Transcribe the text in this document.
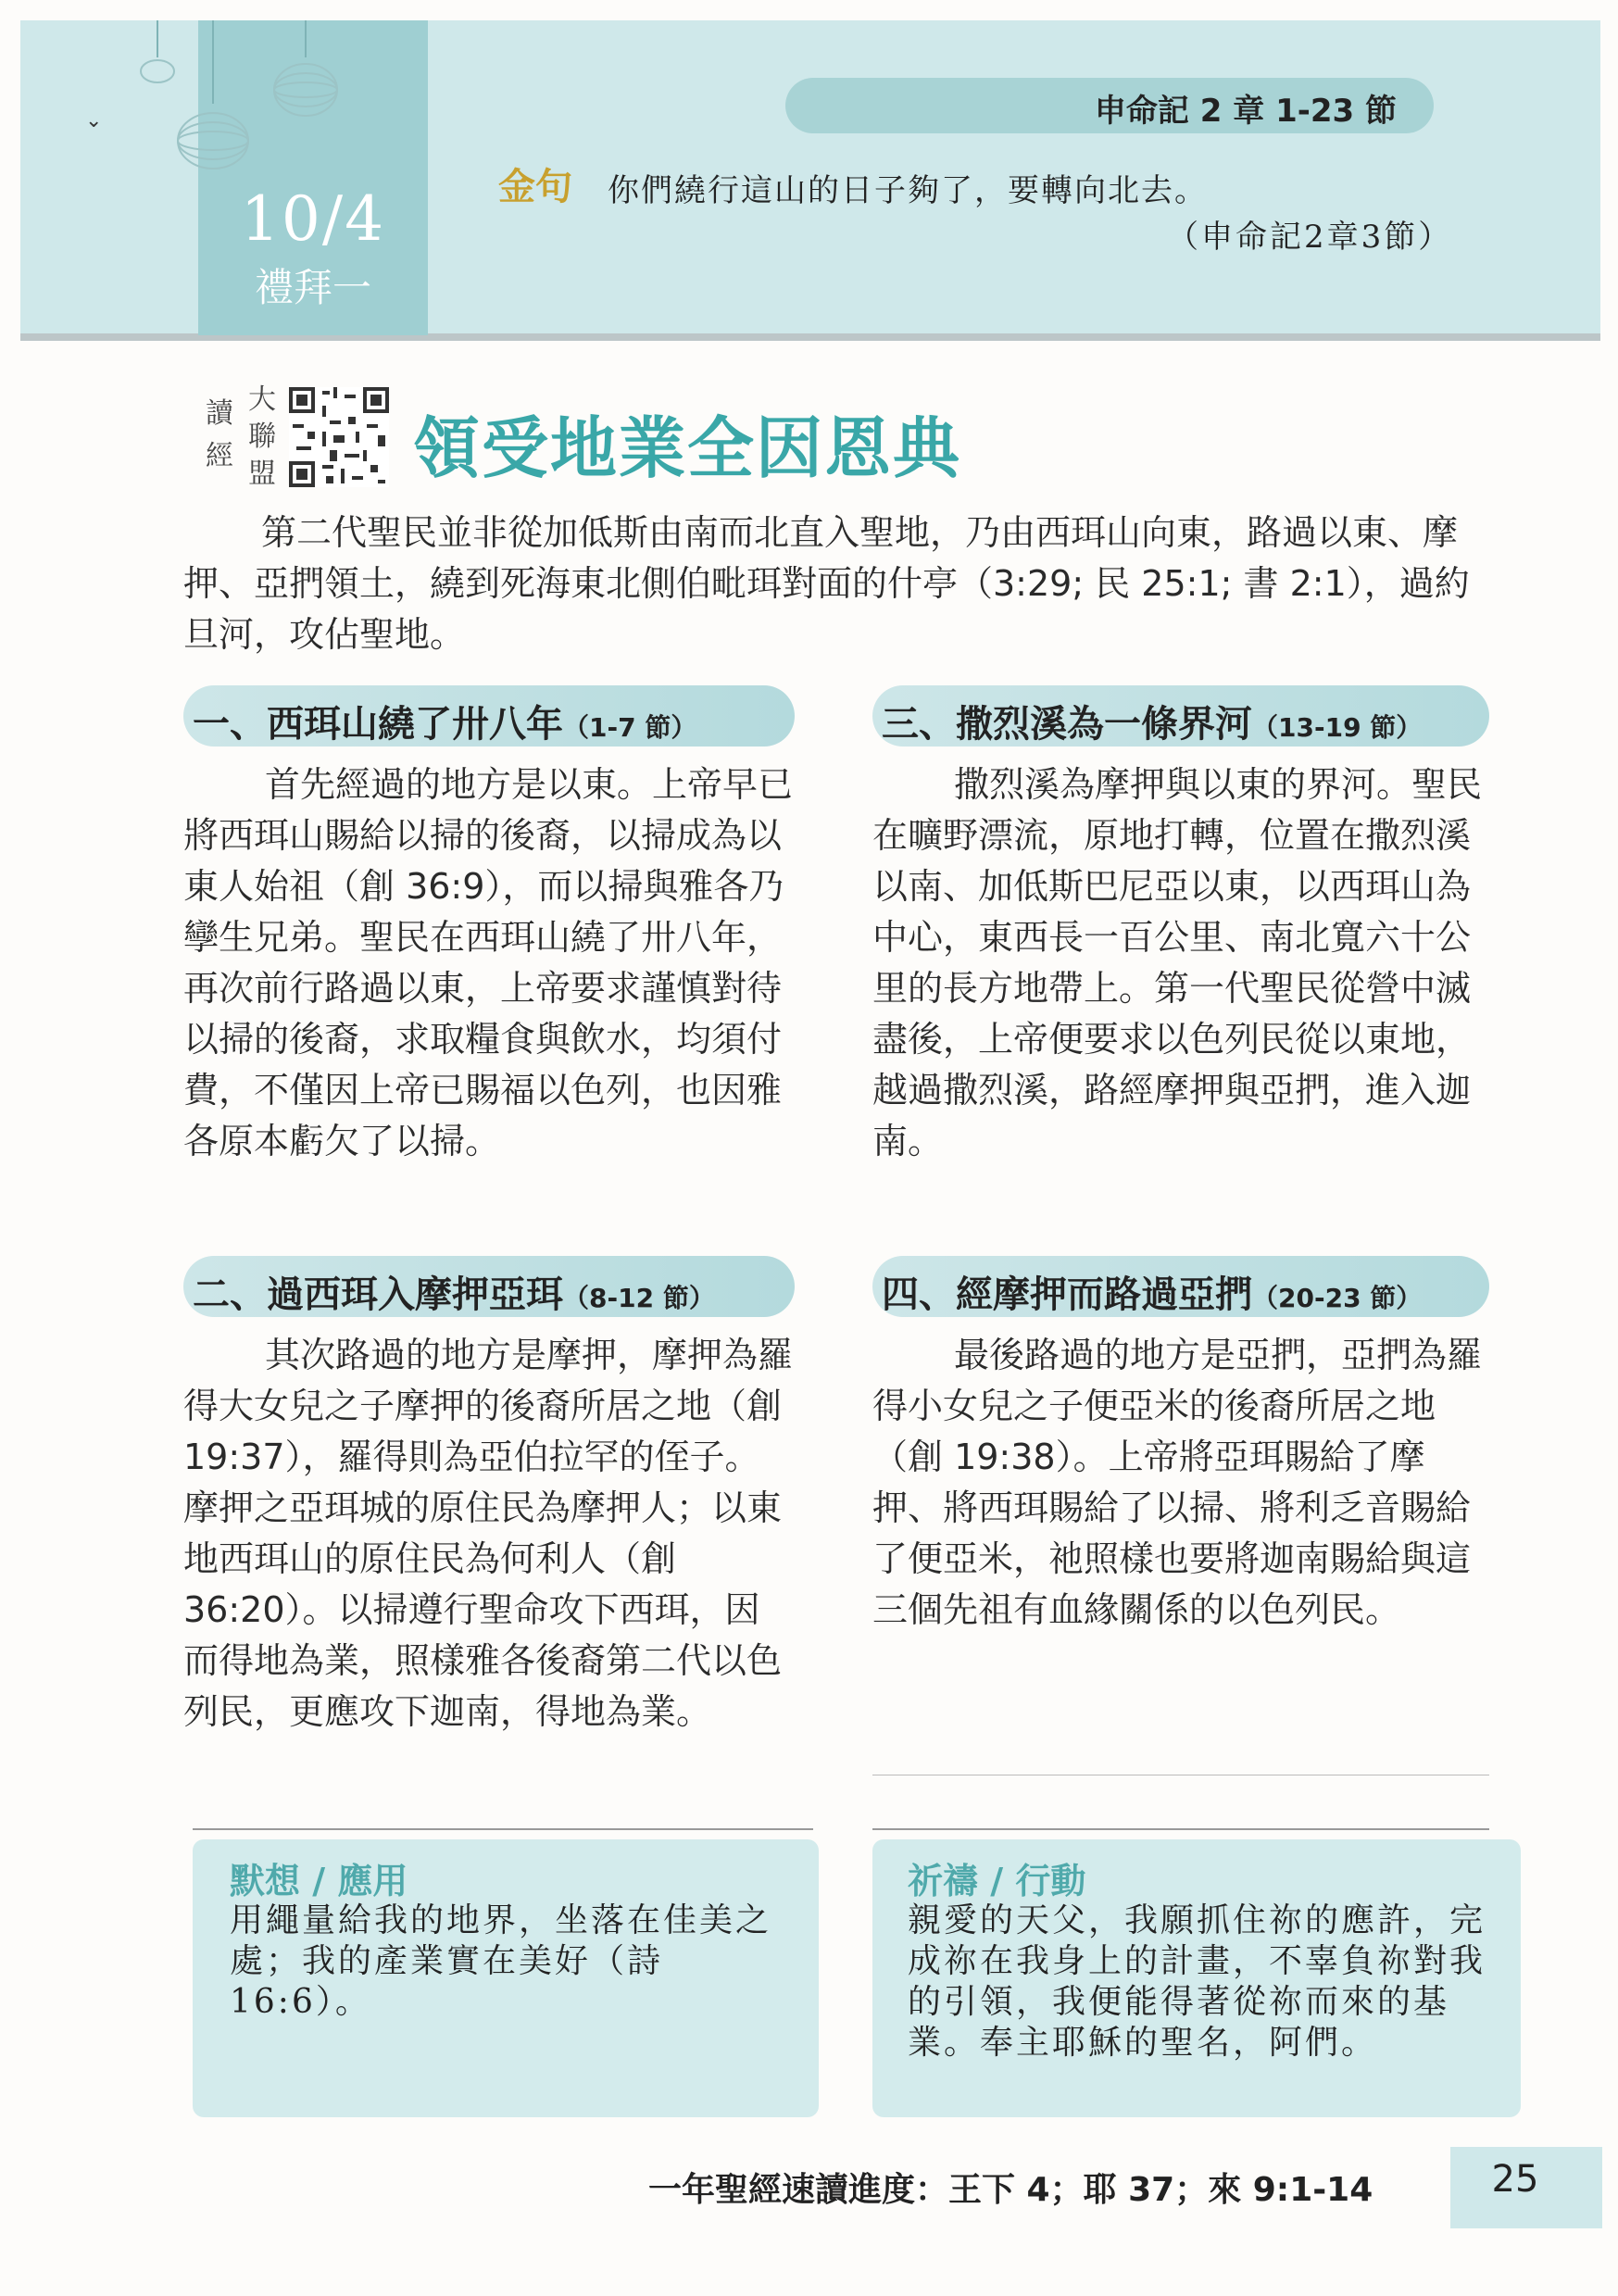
⌄
10/4
禮拜一
申命記 2 章 1-23 節
金句 你們繞行這山的日子夠了，要轉向北去。
（申命記2章3節）
讀經
大聯盟 領受地業全因恩典
第二代聖民並非從加低斯由南而北直入聖地，乃由西珥山向東，路過以東、摩押、亞捫領土，繞到死海東北側伯毗珥對面的什亭（3:29; 民 25:1; 書 2:1），過約旦河，攻佔聖地。
一、西珥山繞了卅八年（1-7 節）
首先經過的地方是以東。上帝早已將西珥山賜給以掃的後裔，以掃成為以東人始祖（創 36:9），而以掃與雅各乃孿生兄弟。聖民在西珥山繞了卅八年，再次前行路過以東，上帝要求謹慎對待以掃的後裔，求取糧食與飲水，均須付費，不僅因上帝已賜福以色列，也因雅各原本虧欠了以掃。
三、撒烈溪為一條界河（13-19 節）
撒烈溪為摩押與以東的界河。聖民在曠野漂流，原地打轉，位置在撒烈溪以南、加低斯巴尼亞以東，以西珥山為中心，東西長一百公里、南北寬六十公里的長方地帶上。第一代聖民從營中滅盡後，上帝便要求以色列民從以東地，越過撒烈溪，路經摩押與亞捫，進入迦南。
二、過西珥入摩押亞珥（8-12 節）
其次路過的地方是摩押，摩押為羅得大女兒之子摩押的後裔所居之地（創 19:37），羅得則為亞伯拉罕的侄子。摩押之亞珥城的原住民為摩押人；以東地西珥山的原住民為何利人（創 36:20）。以掃遵行聖命攻下西珥，因而得地為業，照樣雅各後裔第二代以色列民，更應攻下迦南，得地為業。
四、經摩押而路過亞捫（20-23 節）
最後路過的地方是亞捫，亞捫為羅得小女兒之子便亞米的後裔所居之地（創 19:38）。上帝將亞珥賜給了摩押、將西珥賜給了以掃、將利乏音賜給了便亞米，祂照樣也要將迦南賜給與這三個先祖有血緣關係的以色列民。
默想 / 應用
用繩量給我的地界，坐落在佳美之處；我的產業實在美好（詩16:6）。
祈禱 / 行動
親愛的天父，我願抓住祢的應許，完成祢在我身上的計畫，不辜負祢對我的引領，我便能得著從祢而來的基業。奉主耶穌的聖名，阿們。
一年聖經速讀進度：王下 4；耶 37；來 9:1-14	25
